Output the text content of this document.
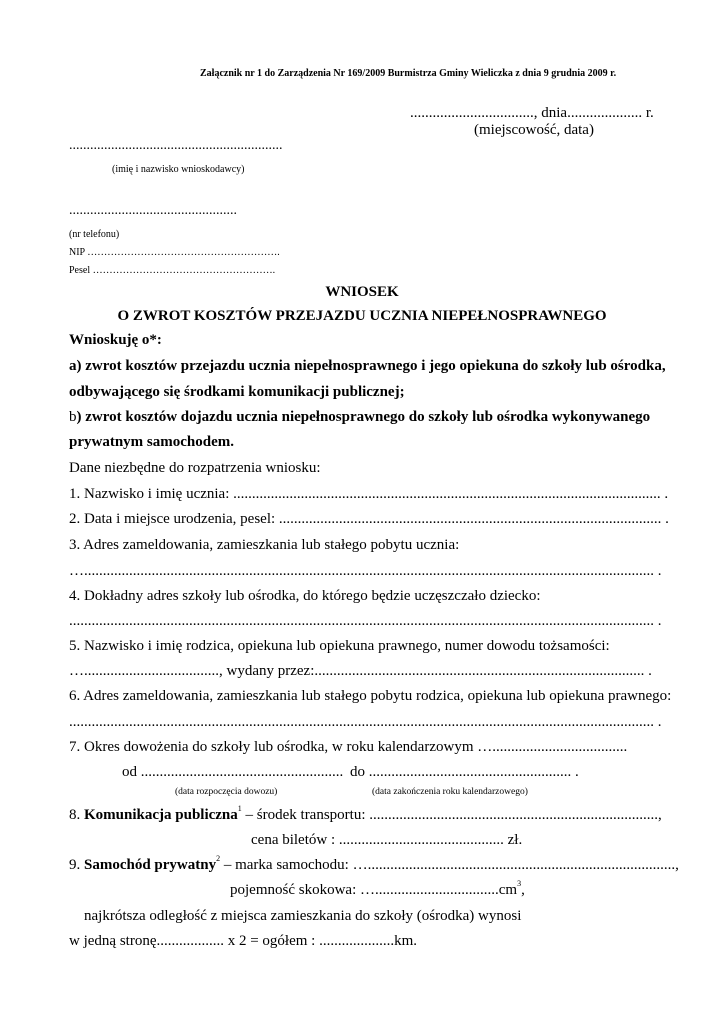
Załącznik nr 1 do Zarządzenia Nr 169/2009 Burmistrza Gminy Wieliczka z dnia 9 grudnia 2009 r.
................................., dnia.................... r.
(miejscowość, data)
.............................................................
(imię i nazwisko wnioskodawcy)
................................................
(nr telefonu)
NIP ………………………………………………….
Pesel ……………………………………………….
WNIOSEK
O ZWROT KOSZTÓW PRZEJAZDU UCZNIA NIEPEŁNOSPRAWNEGO
Wnioskuję o*:
a) zwrot kosztów przejazdu ucznia niepełnosprawnego i jego opiekuna do szkoły lub ośrodka,
odbywającego się środkami komunikacji publicznej;
b) zwrot kosztów dojazdu ucznia niepełnosprawnego do szkoły lub ośrodka wykonywanego
prywatnym samochodem.
Dane niezbędne do rozpatrzenia wniosku:
1. Nazwisko i imię ucznia: .................................................................................................................. .
2. Data i miejsce urodzenia, pesel: ...................................................................................................... .
3. Adres zameldowania, zamieszkania lub stałego pobytu ucznia:
…........................................................................................................................................................ .
4. Dokładny adres szkoły lub ośrodka, do którego będzie uczęszczało dziecko:
............................................................................................................................................................ .
5. Nazwisko i imię rodzica, opiekuna lub opiekuna prawnego, numer dowodu tożsamości:
…...................................., wydany przez:........................................................................................ .
6. Adres zameldowania, zamieszkania lub stałego pobytu rodzica, opiekuna lub opiekuna prawnego:
............................................................................................................................................................ .
7. Okres dowożenia do szkoły lub ośrodka, w roku kalendarzowym …....................................
od ...................................................... do ...................................................... .
(data rozpoczęcia dowozu)	(data zakończenia roku kalendarzowego)
8. Komunikacja publiczna$^1$ – środek transportu: .............................................................................,
cena biletów : ............................................ zł.
9. Samochód prywatny$^2$ – marka samochodu: …..................................................................................,
pojemność skokowa: $\dots.................................cm^3$,
najkrótsza odległość z miejsca zamieszkania do szkoły (ośrodka) wynosi
w jedną stronę.................. x 2 = ogółem : ....................km.
